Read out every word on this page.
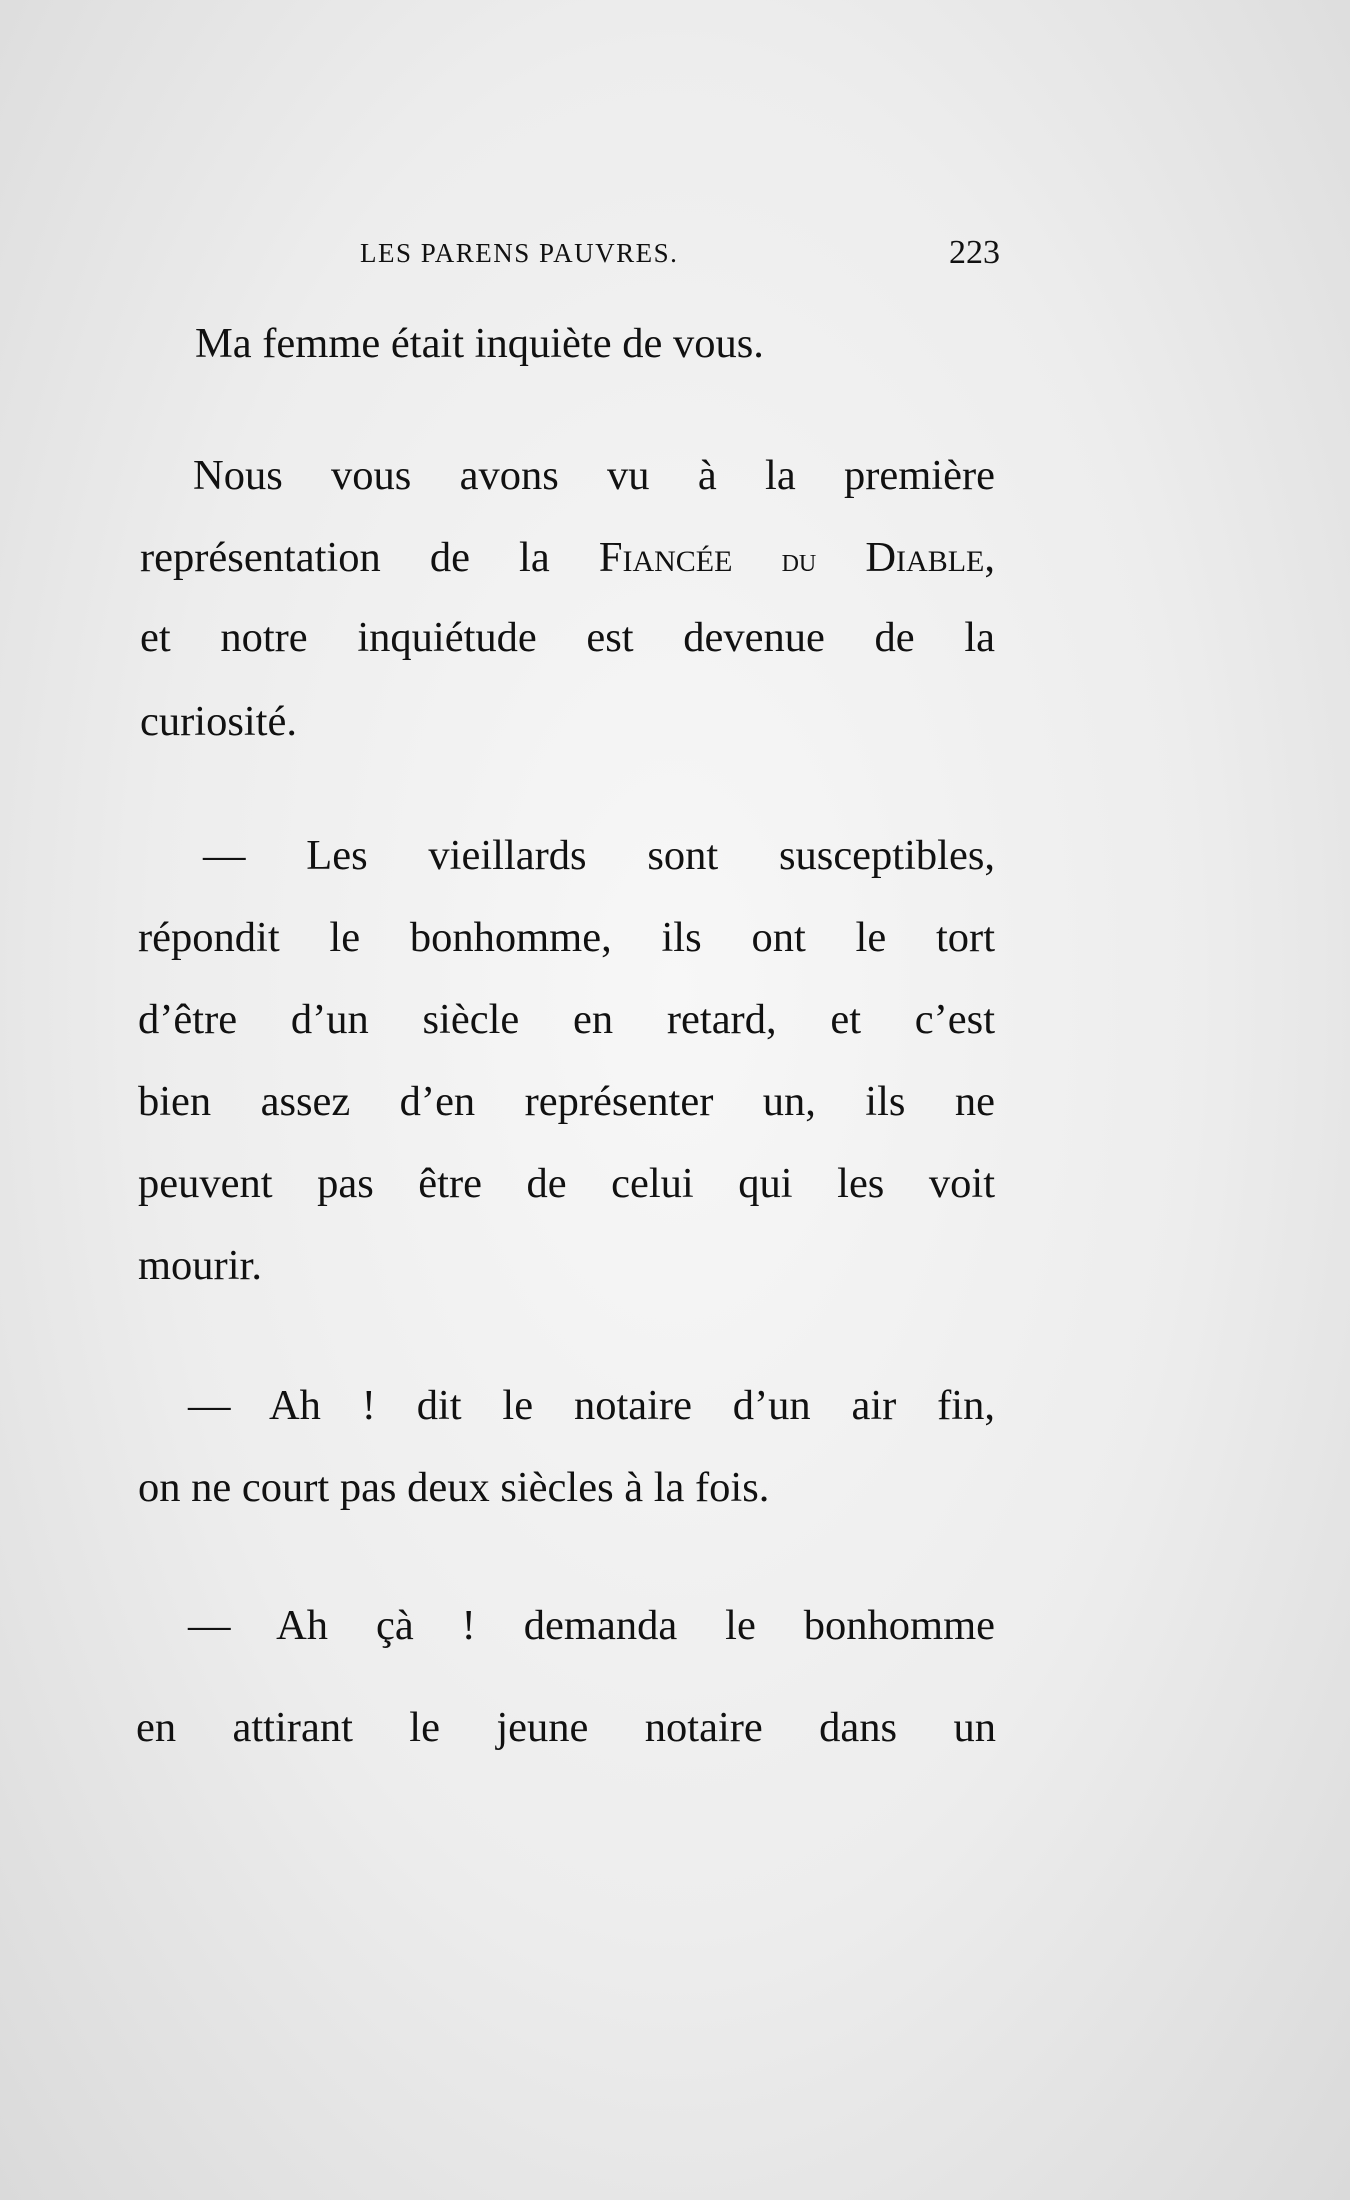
LES PARENS PAUVRES.	223
Ma femme était inquiète de vous.
Nous vous avons vu à la première
représentation de la Fiancée du Diable,
et notre inquiétude est devenue de la
curiosité.
— Les vieillards sont susceptibles,
répondit le bonhomme, ils ont le tort
d’être d’un siècle en retard, et c’est
bien assez d’en représenter un, ils ne
peuvent pas être de celui qui les voit
mourir.
— Ah ! dit le notaire d’un air fin,
on ne court pas deux siècles à la fois.
— Ah çà ! demanda le bonhomme
en attirant le jeune notaire dans un
